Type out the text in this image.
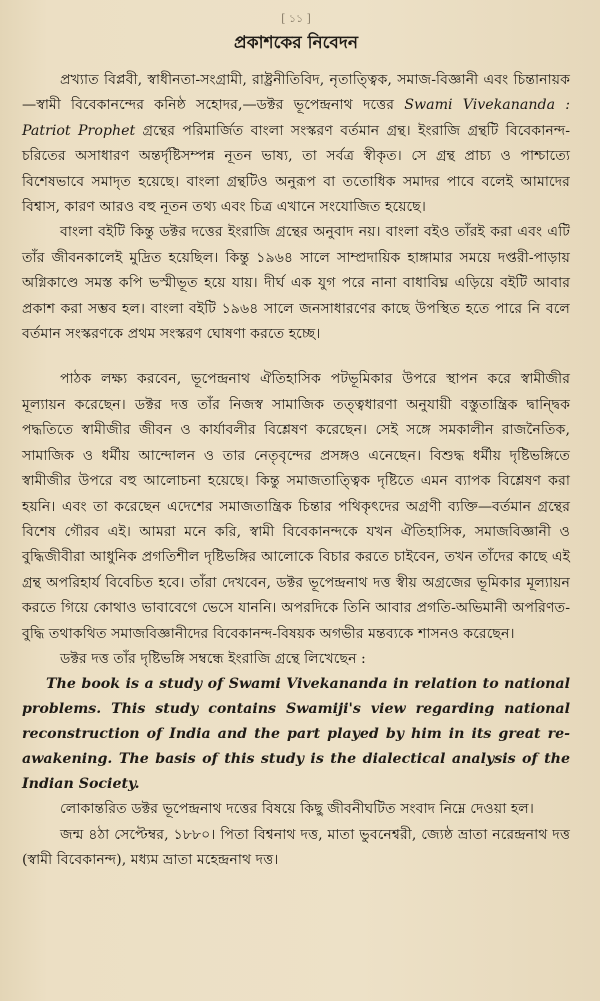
[ ১১ ]
প্রকাশকের নিবেদন

প্রখ্যাত বিপ্লবী, স্বাধীনতা-সংগ্রামী, রাষ্ট্রনীতিবিদ, নৃতাত্ত্বিক, সমাজ-বিজ্ঞানী এবং চিন্তানায়ক—স্বামী বিবেকানন্দের কনিষ্ঠ সহোদর,—ডক্টর ভূপেন্দ্রনাথ দত্তের Swami Vivekananda : Patriot Prophet গ্রন্থের পরিমার্জিত বাংলা সংস্করণ বর্তমান গ্রন্থ। ইংরাজি গ্রন্থটি বিবেকানন্দ-চরিতের অসাধারণ অন্তর্দৃষ্টিসম্পন্ন নূতন ভাষ্য, তা সর্বত্র স্বীকৃত। সে গ্রন্থ প্রাচ্য ও পাশ্চাত্যে বিশেষভাবে সমাদৃত হয়েছে। বাংলা গ্রন্থটিও অনুরূপ বা ততোধিক সমাদর পাবে বলেই আমাদের বিশ্বাস, কারণ আরও বহু নূতন তথ্য এবং চিত্র এখানে সংযোজিত হয়েছে।

বাংলা বইটি কিন্তু ডক্টর দত্তের ইংরাজি গ্রন্থের অনুবাদ নয়। বাংলা বইও তাঁরই করা এবং এটি তাঁর জীবনকালেই মুদ্রিত হয়েছিল। কিন্তু ১৯৬৪ সালে সাম্প্রদায়িক হাঙ্গামার সময়ে দপ্তরী-পাড়ায় অগ্নিকাণ্ডে সমস্ত কপি ভস্মীভূত হয়ে যায়। দীর্ঘ এক যুগ পরে নানা বাধাবিঘ্ন এড়িয়ে বইটি আবার প্রকাশ করা সম্ভব হল। বাংলা বইটি ১৯৬৪ সালে জনসাধারণের কাছে উপস্থিত হতে পারে নি বলে বর্তমান সংস্করণকে প্রথম সংস্করণ ঘোষণা করতে হচ্ছে।

পাঠক লক্ষ্য করবেন, ভূপেন্দ্রনাথ ঐতিহাসিক পটভূমিকার উপরে স্থাপন করে স্বামীজীর মূল্যায়ন করেছেন। ডক্টর দত্ত তাঁর নিজস্ব সামাজিক তত্ত্বধারণা অনুযায়ী বস্তুতান্ত্রিক দ্বান্দ্বিক পদ্ধতিতে স্বামীজীর জীবন ও কার্যাবলীর বিশ্লেষণ করেছেন। সেই সঙ্গে সমকালীন রাজনৈতিক, সামাজিক ও ধর্মীয় আন্দোলন ও তার নেতৃবৃন্দের প্রসঙ্গও এনেছেন। বিশুদ্ধ ধর্মীয় দৃষ্টিভঙ্গিতে স্বামীজীর উপরে বহু আলোচনা হয়েছে। কিন্তু সমাজতাত্ত্বিক দৃষ্টিতে এমন ব্যাপক বিশ্লেষণ করা হয়নি। এবং তা করেছেন এদেশের সমাজতান্ত্রিক চিন্তার পথিকৃৎদের অগ্রণী ব্যক্তি—বর্তমান গ্রন্থের বিশেষ গৌরব এই। আমরা মনে করি, স্বামী বিবেকানন্দকে যখন ঐতিহাসিক, সমাজবিজ্ঞানী ও বুদ্ধিজীবীরা আধুনিক প্রগতিশীল দৃষ্টিভঙ্গির আলোকে বিচার করতে চাইবেন, তখন তাঁদের কাছে এই গ্রন্থ অপরিহার্য বিবেচিত হবে। তাঁরা দেখবেন, ডক্টর ভূপেন্দ্রনাথ দত্ত স্বীয় অগ্রজের ভূমিকার মূল্যায়ন করতে গিয়ে কোথাও ভাবাবেগে ভেসে যাননি। অপরদিকে তিনি আবার প্রগতি-অভিমানী অপরিণত-বুদ্ধি তথাকথিত সমাজবিজ্ঞানীদের বিবেকানন্দ-বিষয়ক অগভীর মন্তব্যকে শাসনও করেছেন।

ডক্টর দত্ত তাঁর দৃষ্টিভঙ্গি সম্বন্ধে ইংরাজি গ্রন্থে লিখেছেন :

The book is a study of Swami Vivekananda in relation to national problems. This study contains Swamiji's view regarding national reconstruction of India and the part played by him in its great re-awakening. The basis of this study is the dialectical analysis of the Indian Society.

লোকান্তরিত ডক্টর ভূপেন্দ্রনাথ দত্তের বিষয়ে কিছু জীবনীঘটিত সংবাদ নিম্নে দেওয়া হল।

জন্ম ৪ঠা সেপ্টেম্বর, ১৮৮০। পিতা বিশ্বনাথ দত্ত, মাতা ভুবনেশ্বরী, জ্যেষ্ঠ ভ্রাতা নরেন্দ্রনাথ দত্ত (স্বামী বিবেকানন্দ), মধ্যম ভ্রাতা মহেন্দ্রনাথ দত্ত।
